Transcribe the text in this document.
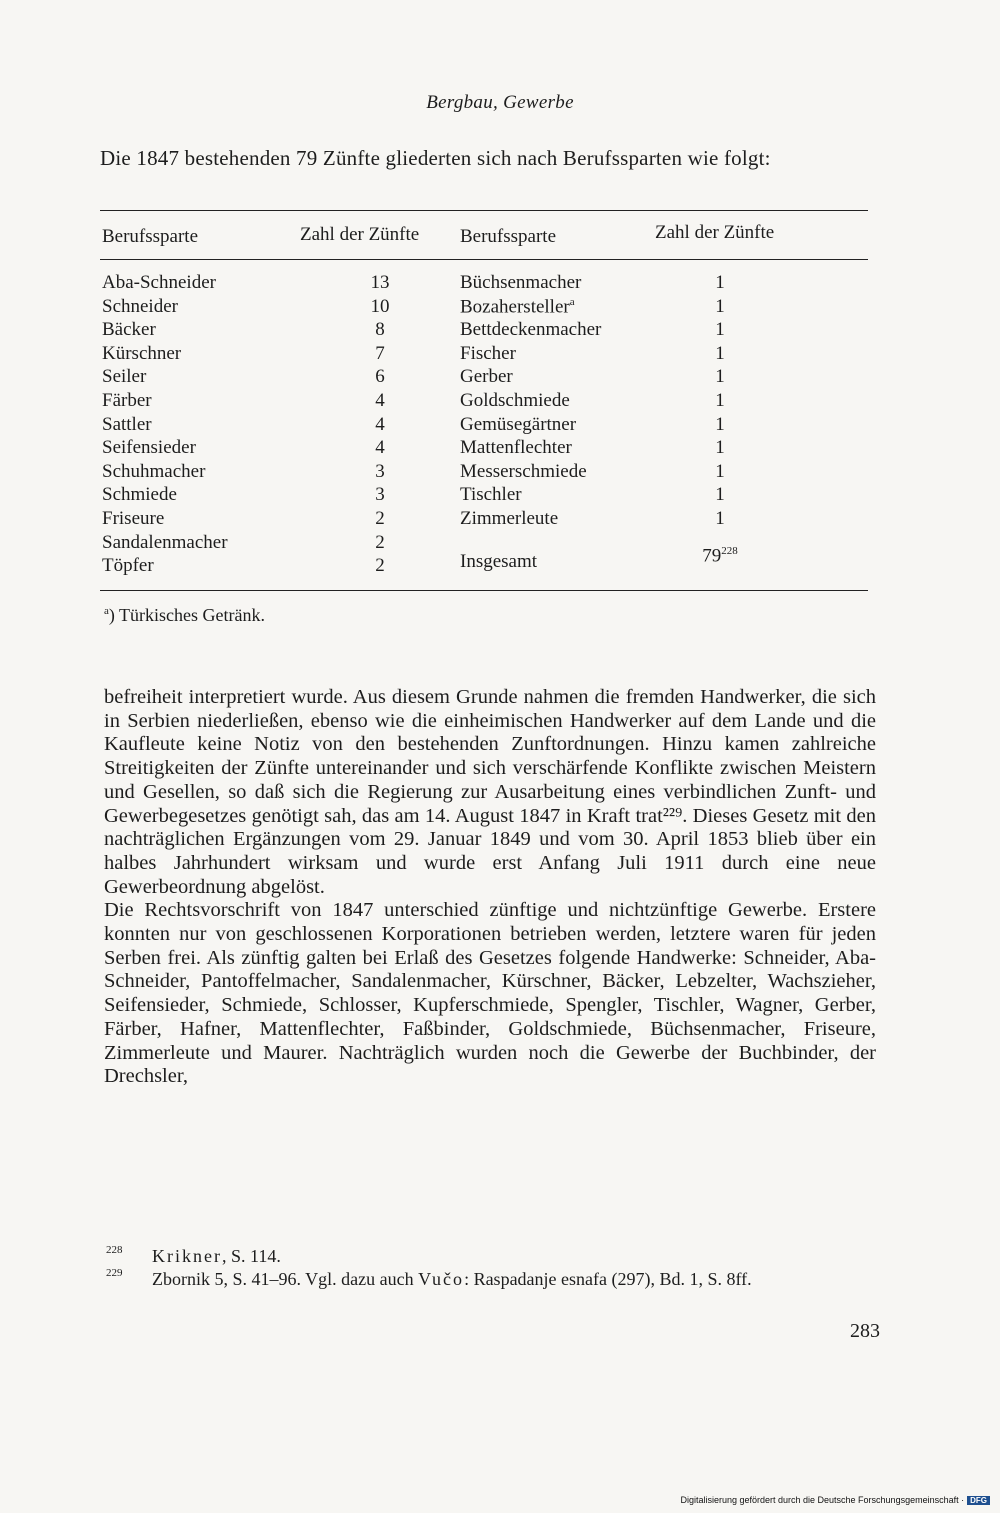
Bergbau, Gewerbe
Die 1847 bestehenden 79 Zünfte gliederten sich nach Berufssparten wie folgt:
Berufssparte	Zahl der Zünfte Berufssparte	Zahl der Zünfte
Aba-Schneider	13	Büchsenmacher	1
Schneider	10	Bozahersteller$^a$	1
Bäcker	8	Bettdeckenmacher	1
Kürschner	7	Fischer	1
Seiler	6	Gerber	1
Färber	4	Goldschmiede	1
Sattler	4	Gemüsegärtner	1
Seifensieder	4	Mattenflechter	1
Schuhmacher	3	Messerschmiede	1
Schmiede	3	Tischler	1
Friseure	2	Zimmerleute	1
Sandalenmacher	2
Töpfer	2	Insgesamt	$79^{228}$
$^a$) Türkisches Getränk.

befreiheit interpretiert wurde. Aus diesem Grunde nahmen die fremden Handwerker, die sich in Serbien niederließen, ebenso wie die einheimischen Handwerker auf dem Lande und die Kaufleute keine Notiz von den bestehenden Zunftordnungen. Hinzu kamen zahlreiche Streitigkeiten der Zünfte untereinander und sich verschärfende Konflikte zwischen Meistern und Gesellen, so daß sich die Regierung zur Ausarbeitung eines verbindlichen Zunft- und Gewerbegesetzes genötigt sah, das am 14. August 1847 in Kraft trat²²⁹. Dieses Gesetz mit den nachträglichen Ergänzungen vom 29. Januar 1849 und vom 30. April 1853 blieb über ein halbes Jahrhundert wirksam und wurde erst Anfang Juli 1911 durch eine neue Gewerbeordnung abgelöst.

Die Rechtsvorschrift von 1847 unterschied zünftige und nichtzünftige Gewerbe. Erstere konnten nur von geschlossenen Korporationen betrieben werden, letztere waren für jeden Serben frei. Als zünftig galten bei Erlaß des Gesetzes folgende Handwerke: Schneider, Aba-Schneider, Pantoffelmacher, Sandalenmacher, Kürschner, Bäcker, Lebzelter, Wachszieher, Seifensieder, Schmiede, Schlosser, Kupferschmiede, Spengler, Tischler, Wagner, Gerber, Färber, Hafner, Mattenflechter, Faßbinder, Goldschmiede, Büchsenmacher, Friseure, Zimmerleute und Maurer. Nachträglich wurden noch die Gewerbe der Buchbinder, der Drechsler,

228 Krikner, S. 114.
229 Zbornik 5, S. 41–96. Vgl. dazu auch Vučo: Raspadanje esnafa (297), Bd. 1, S. 8ff.
283
Digitalisierung gefördert durch die Deutsche Forschungsgemeinschaft · DFG
